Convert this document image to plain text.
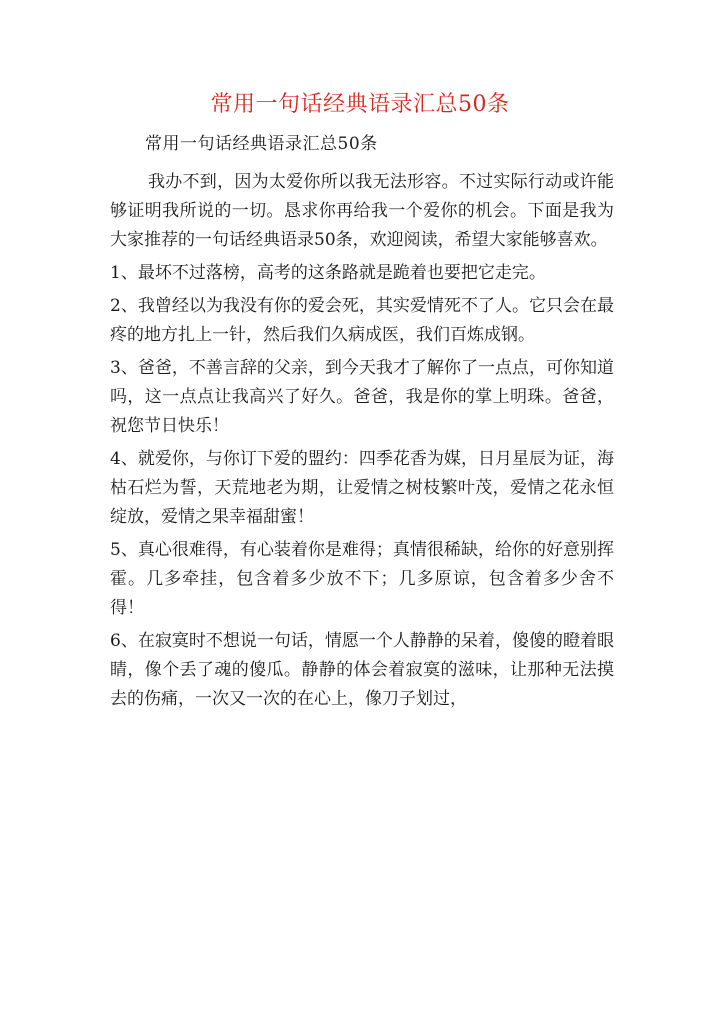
常用一句话经典语录汇总50条
常用一句话经典语录汇总50条

我办不到，因为太爱你所以我无法形容。不过实际行动或许能够证明我所说的一切。恳求你再给我一个爱你的机会。下面是我为大家推荐的一句话经典语录50条，欢迎阅读，希望大家能够喜欢。

1、最坏不过落榜，高考的这条路就是跪着也要把它走完。

2、我曾经以为我没有你的爱会死，其实爱情死不了人。它只会在最疼的地方扎上一针，然后我们久病成医，我们百炼成钢。

3、爸爸，不善言辞的父亲，到今天我才了解你了一点点，可你知道吗，这一点点让我高兴了好久。爸爸，我是你的掌上明珠。爸爸，祝您节日快乐！

4、就爱你，与你订下爱的盟约：四季花香为媒，日月星辰为证，海枯石烂为誓，天荒地老为期，让爱情之树枝繁叶茂，爱情之花永恒绽放，爱情之果幸福甜蜜！

5、真心很难得，有心装着你是难得；真情很稀缺，给你的好意别挥霍。几多牵挂，包含着多少放不下；几多原谅，包含着多少舍不得！

6、在寂寞时不想说一句话，情愿一个人静静的呆着，傻傻的瞪着眼睛，像个丢了魂的傻瓜。静静的体会着寂寞的滋味，让那种无法摸去的伤痛，一次又一次的在心上，像刀子划过，
